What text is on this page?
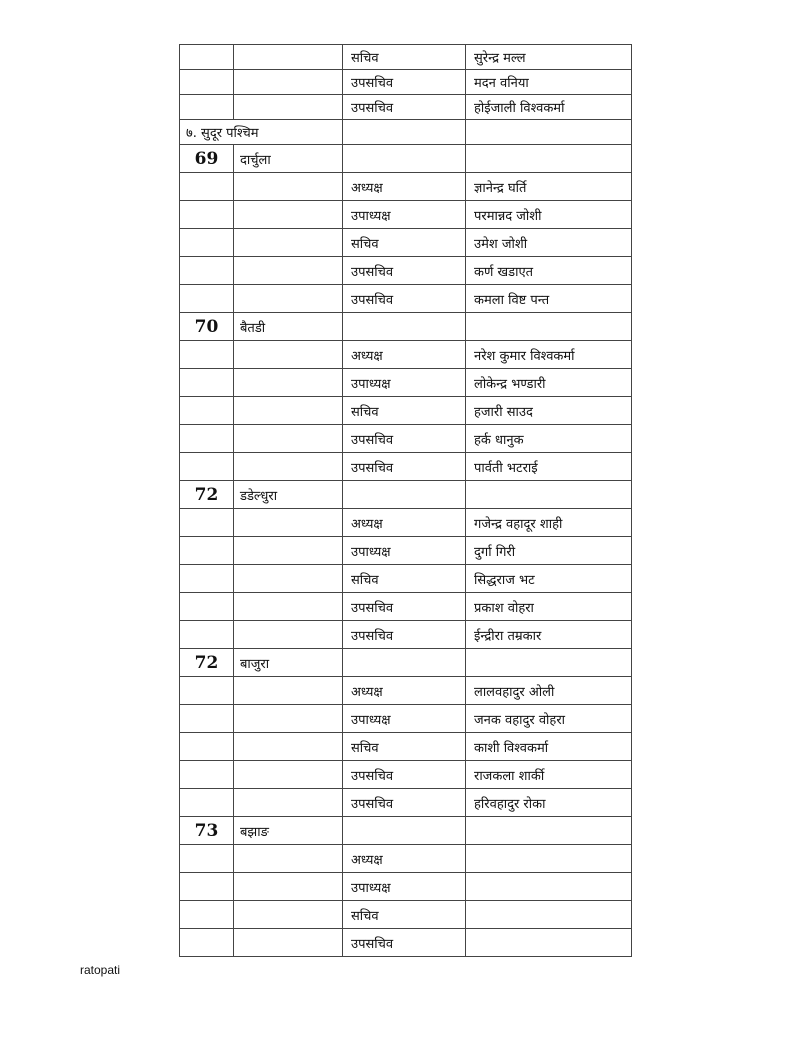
		सचिव	सुरेन्द्र मल्ल
		उपसचिव	मदन वनिया
		उपसचिव	होईजाली विश्वकर्मा
७. सुदूर पश्चिम			
69	दार्चुला		
		अध्यक्ष	ज्ञानेन्द्र घर्ति
		उपाध्यक्ष	परमान्नद जोशी
		सचिव	उमेश जोशी
		उपसचिव	कर्ण खडाएत
		उपसचिव	कमला विष्ट पन्त
70	बैतडी		
		अध्यक्ष	नरेश कुमार विश्वकर्मा
		उपाध्यक्ष	लोकेन्द्र भण्डारी
		सचिव	हजारी साउद
		उपसचिव	हर्क धानुक
		उपसचिव	पार्वती भटराई
72	डडेल्धुरा		
		अध्यक्ष	गजेन्द्र वहादूर शाही
		उपाध्यक्ष	दुर्गा गिरी
		सचिव	सिद्धराज भट
		उपसचिव	प्रकाश वोहरा
		उपसचिव	ईन्द्रीरा तम्रकार
72	बाजुरा		
		अध्यक्ष	लालवहादुर ओली
		उपाध्यक्ष	जनक वहादुर वोहरा
		सचिव	काशी विश्वकर्मा
		उपसचिव	राजकला शार्की
		उपसचिव	हरिवहादुर रोका
73	बझाङ		
		अध्यक्ष	
		उपाध्यक्ष	
		सचिव	
		उपसचिव	
ratopati
